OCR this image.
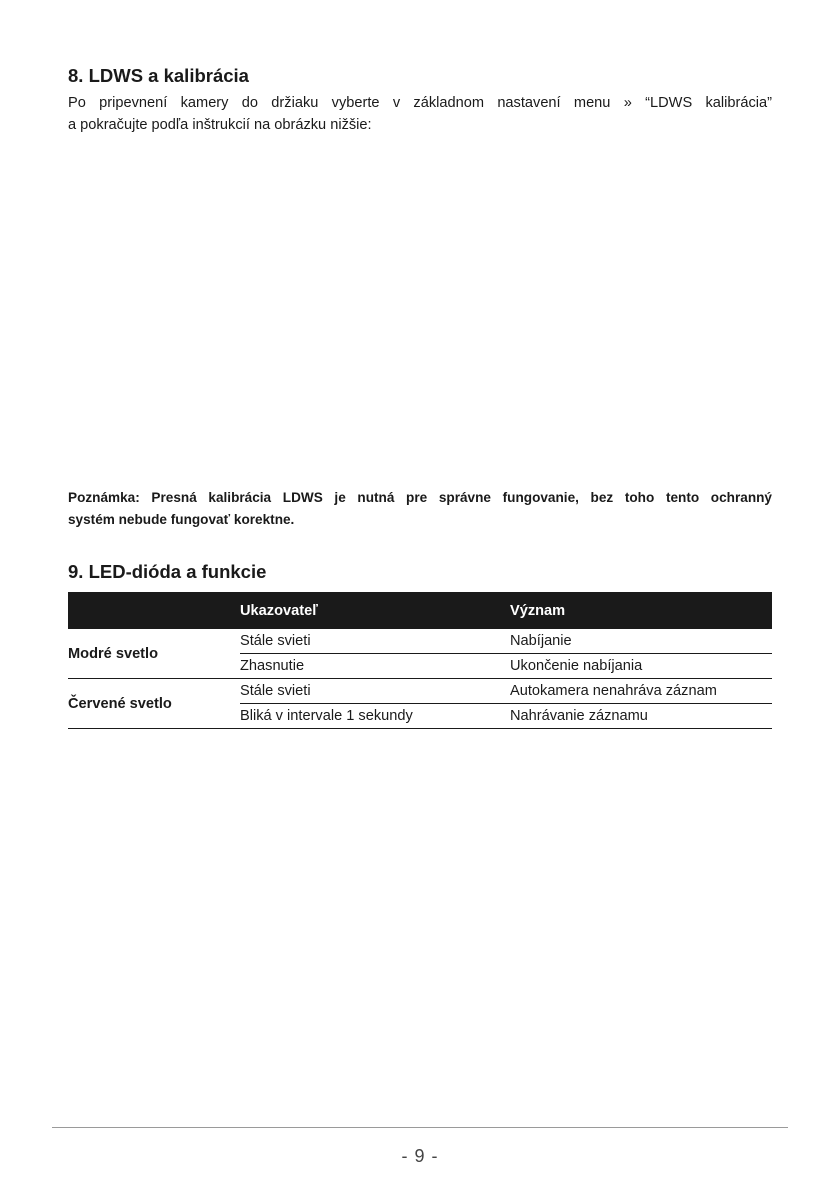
8. LDWS a kalibrácia

Po pripevnení kamery do držiaku vyberte v základnom nastavení menu » “LDWS kalibrácia”
a pokračujte podľa inštrukcií na obrázku nižšie:

Poznámka: Presná kalibrácia LDWS je nutná pre správne fungovanie, bez toho tento ochranný
systém nebude fungovať korektne.

9. LED-dióda a funkcie
	Ukazovateľ	Význam
Modré svetlo	Stále svieti	Nabíjanie
	Zhasnutie	Ukončenie nabíjania
Červené svetlo	Stále svieti	Autokamera nenahráva záznam
	Bliká v intervale 1 sekundy	Nahrávanie záznamu
- 9 -
